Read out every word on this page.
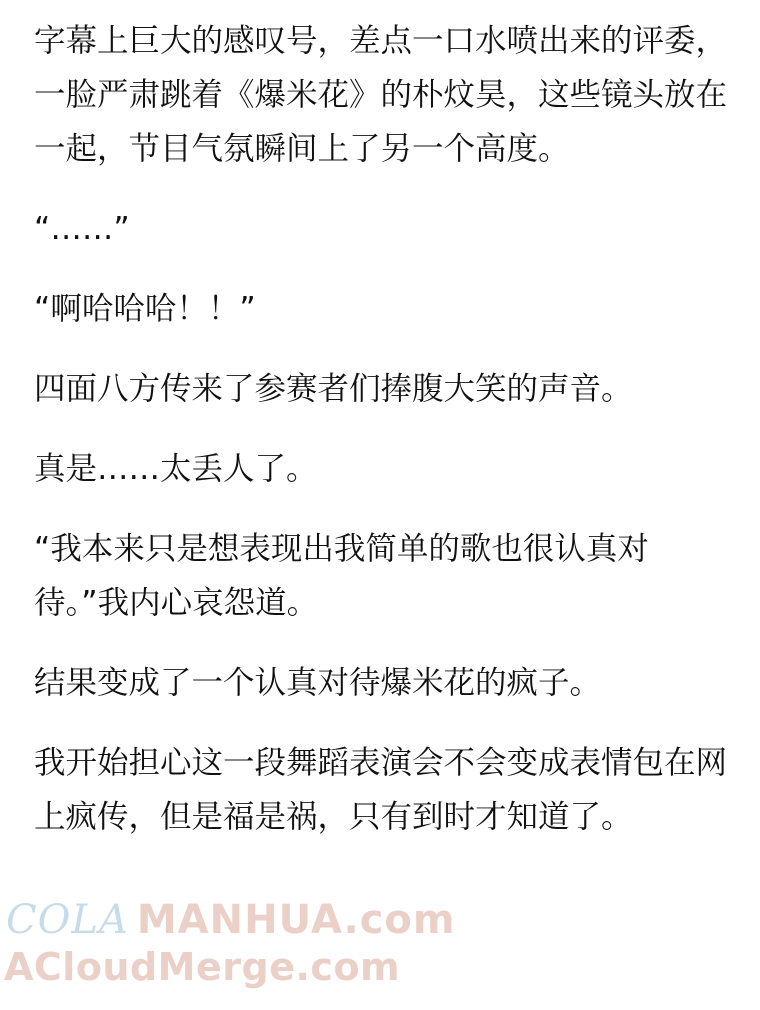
字幕上巨大的感叹号，差点一口水喷出来的评委，一脸严肃跳着《爆米花》的朴炆昊，这些镜头放在一起，节目气氛瞬间上了另一个高度。

“……”

“啊哈哈哈！！”

四面八方传来了参赛者们捧腹大笑的声音。

真是……太丢人了。

“我本来只是想表现出我简单的歌也很认真对待。”我内心哀怨道。

结果变成了一个认真对待爆米花的疯子。

我开始担心这一段舞蹈表演会不会变成表情包在网上疯传，但是福是祸，只有到时才知道了。

COLA MANHUA.com
ACloudMerge.com
